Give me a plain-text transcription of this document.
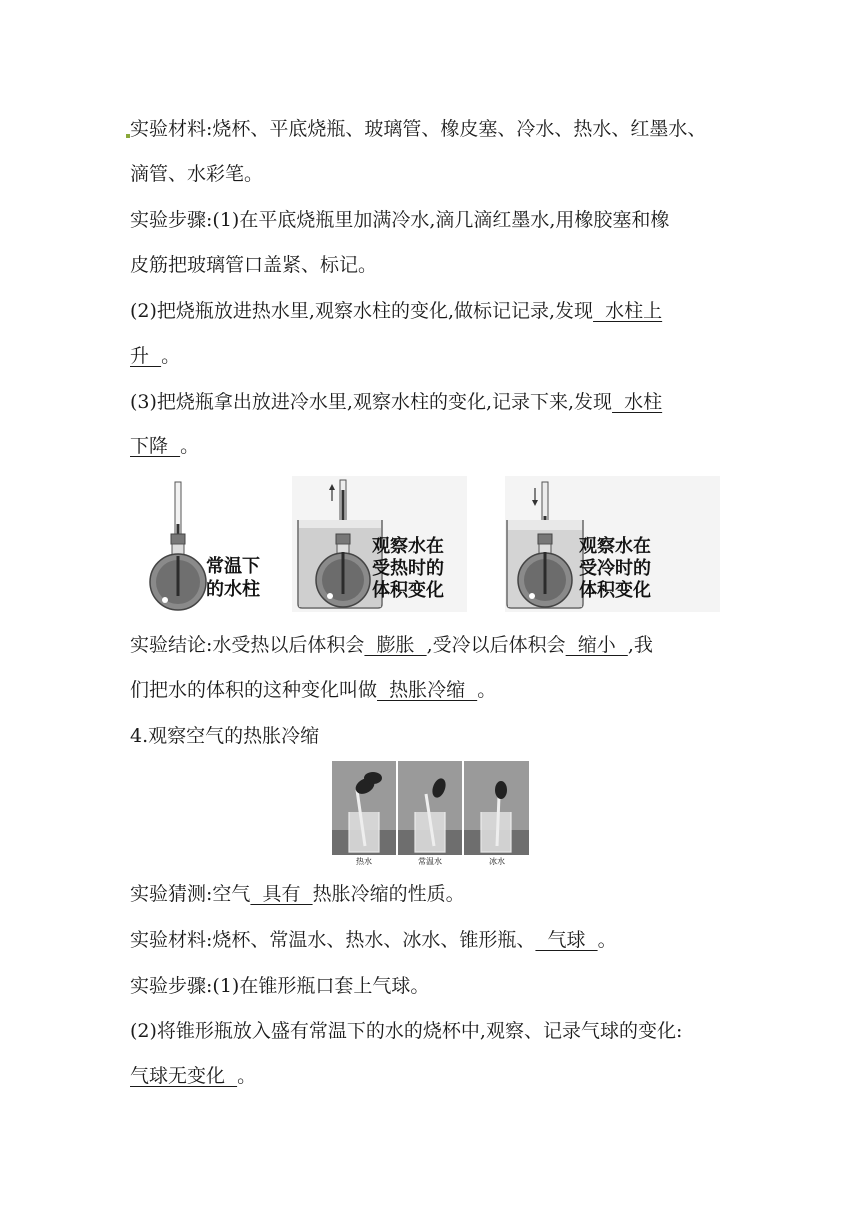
实验材料:烧杯、平底烧瓶、玻璃管、橡皮塞、冷水、热水、红墨水、
滴管、水彩笔。
实验步骤:(1)在平底烧瓶里加满冷水,滴几滴红墨水,用橡胶塞和橡
皮筋把玻璃管口盖紧、标记。
(2)把烧瓶放进热水里,观察水柱的变化,做标记记录,发现  水柱上
升  。
(3)把烧瓶拿出放进冷水里,观察水柱的变化,记录下来,发现  水柱
下降  。
常温下
的水柱
观察水在
受热时的
体积变化
观察水在
受冷时的
体积变化
实验结论:水受热以后体积会  膨胀  ,受冷以后体积会  缩小  ,我
们把水的体积的这种变化叫做  热胀冷缩  。
4.观察空气的热胀冷缩
热水	常温水	冰水
实验猜测:空气  具有  热胀冷缩的性质。
实验材料:烧杯、常温水、热水、冰水、锥形瓶、  气球  。
实验步骤:(1)在锥形瓶口套上气球。
(2)将锥形瓶放入盛有常温下的水的烧杯中,观察、记录气球的变化:
气球无变化  。
